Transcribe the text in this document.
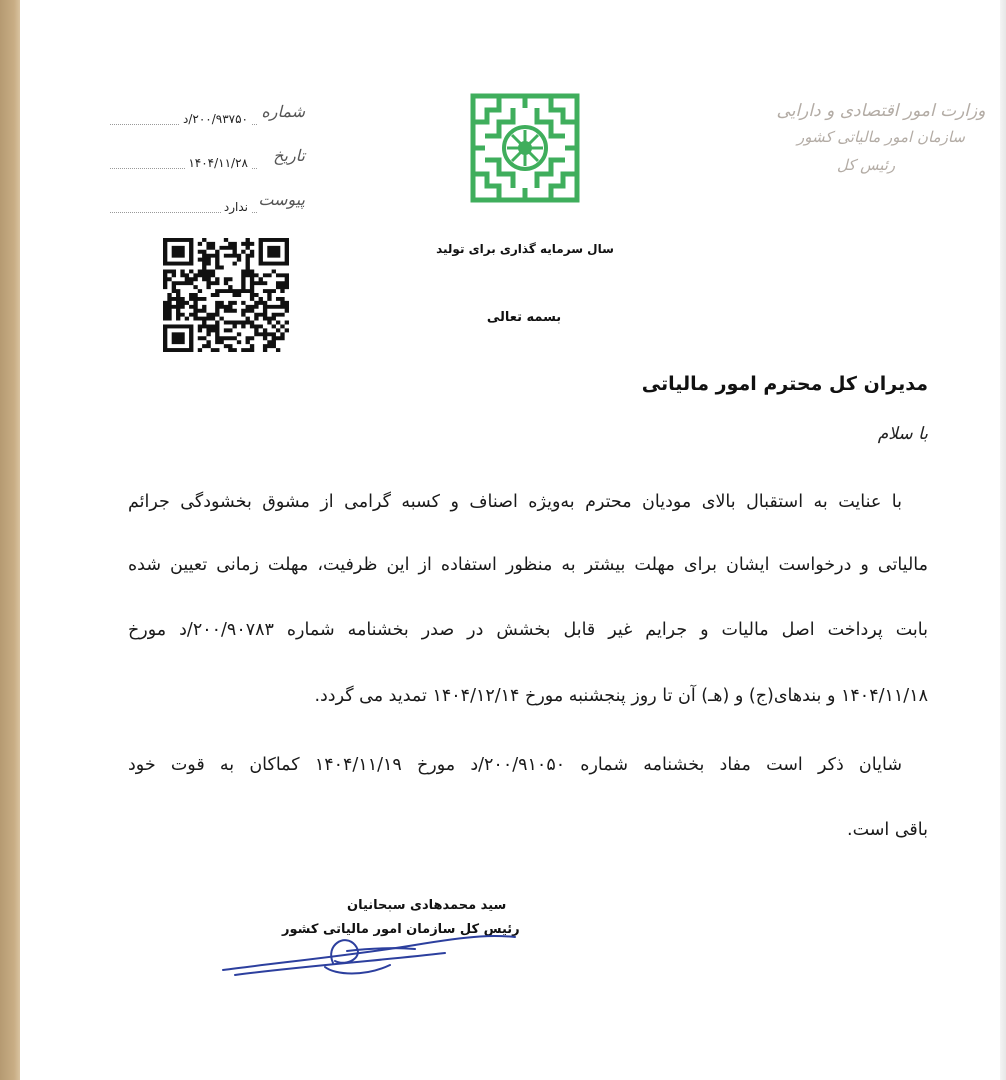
وزارت امور اقتصادی و دارایی
سازمان امور مالیاتی کشور
رئیس کل
شماره
۲۰۰/۹۳۷۵۰/د
تاریخ
۱۴۰۴/۱۱/۲۸
پیوست
ندارد
سال سرمایه گذاری برای تولید
بسمه تعالی
مدیران کل محترم امور مالیاتی
با سلام
با عنایت به استقبال بالای مودیان محترم به‌ویژه اصناف و کسبه گرامی از مشوق بخشودگی جرائم
مالیاتی و درخواست ایشان برای مهلت بیشتر به منظور استفاده از این ظرفیت، مهلت زمانی تعیین شده
بابت پرداخت اصل مالیات و جرایم غیر قابل بخشش در صدر بخشنامه شماره ۲۰۰/۹۰۷۸۳/د مورخ
۱۴۰۴/۱۱/۱۸ و بندهای(ج) و (هـ) آن تا روز پنجشنبه مورخ ۱۴۰۴/۱۲/۱۴ تمدید می گردد.
شایان ذکر است مفاد بخشنامه شماره ۲۰۰/۹۱۰۵۰/د مورخ ۱۴۰۴/۱۱/۱۹ کماکان به قوت خود
باقی است.
سید محمدهادی سبحانیان
رئیس کل سازمان امور مالیاتی کشور
